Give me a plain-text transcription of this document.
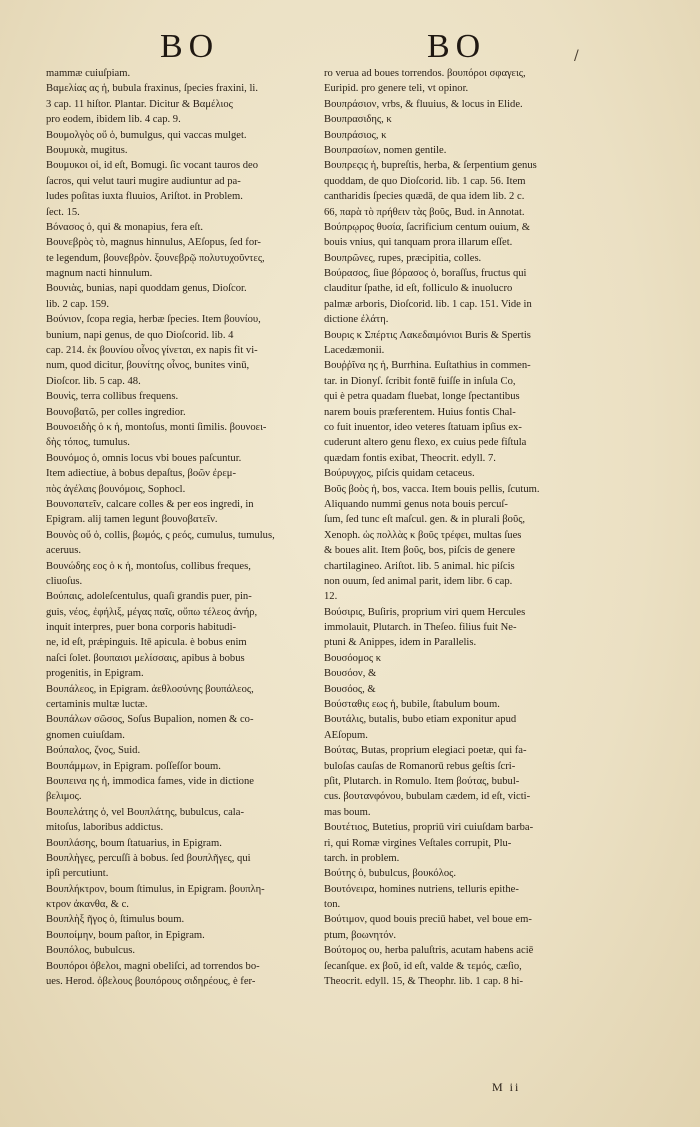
BO	BO	/
mammæ cuiuſpiam.
Βαμελίας ας ἡ, bubula fraxinus, ſpecies fraxini, li.
3 cap. 11 hiſtor. Plantar. Dicitur & Βαμέλιος
pro eodem, ibidem lib. 4 cap. 9.
Βουμολγὸς οὔ ὁ, bumulgus, qui vaccas mulget.
Βουμυκὰ, mugitus.
Βουμυκοι οἱ, id eſt, Bomugi. ſic vocant tauros deo
ſacros, qui velut tauri mugire audiuntur ad pa-
ludes poſitas iuxta fluuios, Ariſtot. in Problem.
ſect. 15.
Βόνασος ὁ, qui & monapius, fera eſt.
Βουνεβρὸς τὸ, magnus hinnulus, AEſopus, ſed for-
te legendum, βουνεβρὸν. ξουνεβρῷ πολυτυχοῦντες,
magnum nacti hinnulum.
Βουνιὰς, bunias, napi quoddam genus, Dioſcor.
lib. 2 cap. 159.
Βούνιον, ſcopa regia, herbæ ſpecies. Item βουνίου,
bunium, napi genus, de quo Dioſcorid. lib. 4
cap. 214. ἐκ βουνίου οἶνος γίνεται, ex napis fit vi-
num, quod dicitur, βουνίτης οἶνος, bunites vinū,
Dioſcor. lib. 5 cap. 48.
Βουνὶς, terra collibus frequens.
Βουνοβατῶ, per colles ingredior.
Βουνοειδὴς ὁ κ ἡ, montoſus, monti ſimilis. βουνοει-
δὴς τόπος, tumulus.
Βουνόμος ὁ, omnis locus vbi boues paſcuntur.
Item adiectiue, à bobus depaſtus, βοῶν ἐρεμ-
πὸς ἀγέλαις βουνόμοις, Sophocl.
Βουνοπατεῖν, calcare colles & per eos ingredi, in
Epigram. alij tamen legunt βουνοβατεῖν.
Βουνὸς οὔ ὁ, collis, βωμός, ς ρεός, cumulus, tumulus,
aceruus.
Βουνώδης εος ὁ κ ἡ, montoſus, collibus freques,
cliuoſus.
Βούπαις, adoleſcentulus, quaſi grandis puer, pin-
guis, νέος, ἐφήλιξ, μέγας παῖς, οὔπω τέλεος ἀνήρ,
inquit interpres, puer bona corporis habitudi-
ne, id eſt, prǽpinguis. Itē apicula. è bobus enim
naſci ſolet. βουπαισι μελίσσαις, apibus à bobus
progenitis, in Epigram.
Βουπάλεος, in Epigram. ἀεθλοσύνης βουπάλεος,
certaminis multæ luctæ.
Βουπάλων σῶσος, Soſus Bupalion, nomen & co-
gnomen cuiuſdam.
Βούπαλος, ζνος, Suid.
Βουπάμμων, in Epigram. poſſeſſor boum.
Βουπεινα ης ἡ, immodica fames, vide in dictione
βελιμος.
Βουπελάτης ὁ, vel Βουπλάτης, bubulcus, cala-
mitoſus, laboribus addictus.
Βουπλάσης, boum ſtatuarius, in Epigram.
Βουπλὴγες, percuſſi à bobus. ſed βουπλῆγες, qui
ipſi percutiunt.
Βουπλήκτρον, boum ſtimulus, in Epigram. βουπλη-
κτρον ἀκανθα, & c.
Βουπλὴξ ῆγος ὁ, ſtimulus boum.
Βουποίμην, boum paſtor, in Epigram.
Βουπόλος, bubulcus.
Βουπόροι ὀβελοι, magni obeliſci, ad torrendos bo-
ues. Herod. ὀβελους βουπόρους σιδηρέους, è fer-
ro verua ad boues torrendos. βουπόροι σφαγεις,
Euripid. pro genere teli, vt opinor.
Βουπράσιον, vrbs, & fluuius, & locus in Elide.
Βουπρασιδης, κ
Βουπράσιος, κ
Βουπρασίων, nomen gentile.
Βουπρεςις ἡ, bupreſtis, herba, & ſerpentium genus
quoddam, de quo Dioſcorid. lib. 1 cap. 56. Item
cantharidis ſpecies quædā, de qua idem lib. 2 c.
66, παρὰ τὸ πρήθειν τὰς βοῦς, Bud. in Annotat.
Βούπρῳρος θυσία, ſacrificium centum ouium, &
bouis vnius, qui tanquam prora illarum eſſet.
Βουπρῶνες, rupes, præcipitia, colles.
Βούρασος, ſiue βόρασος ὁ, boraſſus, fructus qui
clauditur ſpathe, id eſt, folliculo & inuolucro
palmæ arboris, Dioſcorid. lib. 1 cap. 151. Vide in
dictione ἐλάτη.
Βουρις κ Σπέρτις Λακεδαιμόνιοι Buris & Spertis
Lacedæmonii.
Βουῤῥῖνα ης ἡ, Burrhina. Euſtathius in commen-
tar. in Dionyſ. ſcribit fontē fuiſſe in inſula Co,
qui è petra quadam fluebat, longe ſpectantibus
narem bouis præferentem. Huius fontis Chal-
co fuit inuentor, ideo veteres ſtatuam ipſius ex-
cuderunt altero genu flexo, ex cuius pede fiſtula
quædam fontis exibat, Theocrit. edyll. 7.
Βούρυγχος, piſcis quidam cetaceus.
Βοῦς βοὸς ἡ, bos, vacca. Item bouis pellis, ſcutum.
Aliquando nummi genus nota bouis percuſ-
ſum, ſed tunc eſt maſcul. gen. & in plurali βοῦς,
Xenoph. ὡς πολλὰς κ βοῦς τρέφει, multas ſues
& boues alit. Item βοῦς, bos, piſcis de genere
chartilagineo. Ariſtot. lib. 5 animal. hic piſcis
non ouum, ſed animal parit, idem libr. 6 cap.
12.
Βούσιρις, Buſiris, proprium viri quem Hercules
immolauit, Plutarch. in Theſeo. filius fuit Ne-
ptuni & Anippes, idem in Parallelis.
Βουσόομος κ
Βουσόον, &
Βουσόος, &
Βούσταθις εως ἡ, bubile, ſtabulum boum.
Βουτάλις, butalis, bubo etiam exponitur apud
AEſopum.
Βούτας, Butas, proprium elegiaci poetæ, qui fa-
buloſas cauſas de Romanorū rebus geſtis ſcri-
pſit, Plutarch. in Romulo. Item βούτας, bubul-
cus. βουτανφόνου, bubulam cædem, id eſt, victi-
mas boum.
Βουτέτιος, Butetius, propriū viri cuiuſdam barba-
ri, qui Romæ virgines Veſtales corrupit, Plu-
tarch. in problem.
Βούτης ὁ, bubulcus, βουκόλος.
Βουτόνειρα, homines nutriens, telluris epithe-
ton.
Βούτιμον, quod bouis preciū habet, vel boue em-
ptum, βοωνητόν.
Βούτομος ου, herba paluſtris, acutam habens aciē
ſecanſque. ex βοῦ, id eſt, valde & τεμός, cæſio,
Theocrit. edyll. 15, & Theophr. lib. 1 cap. 8 hi-
M ii
